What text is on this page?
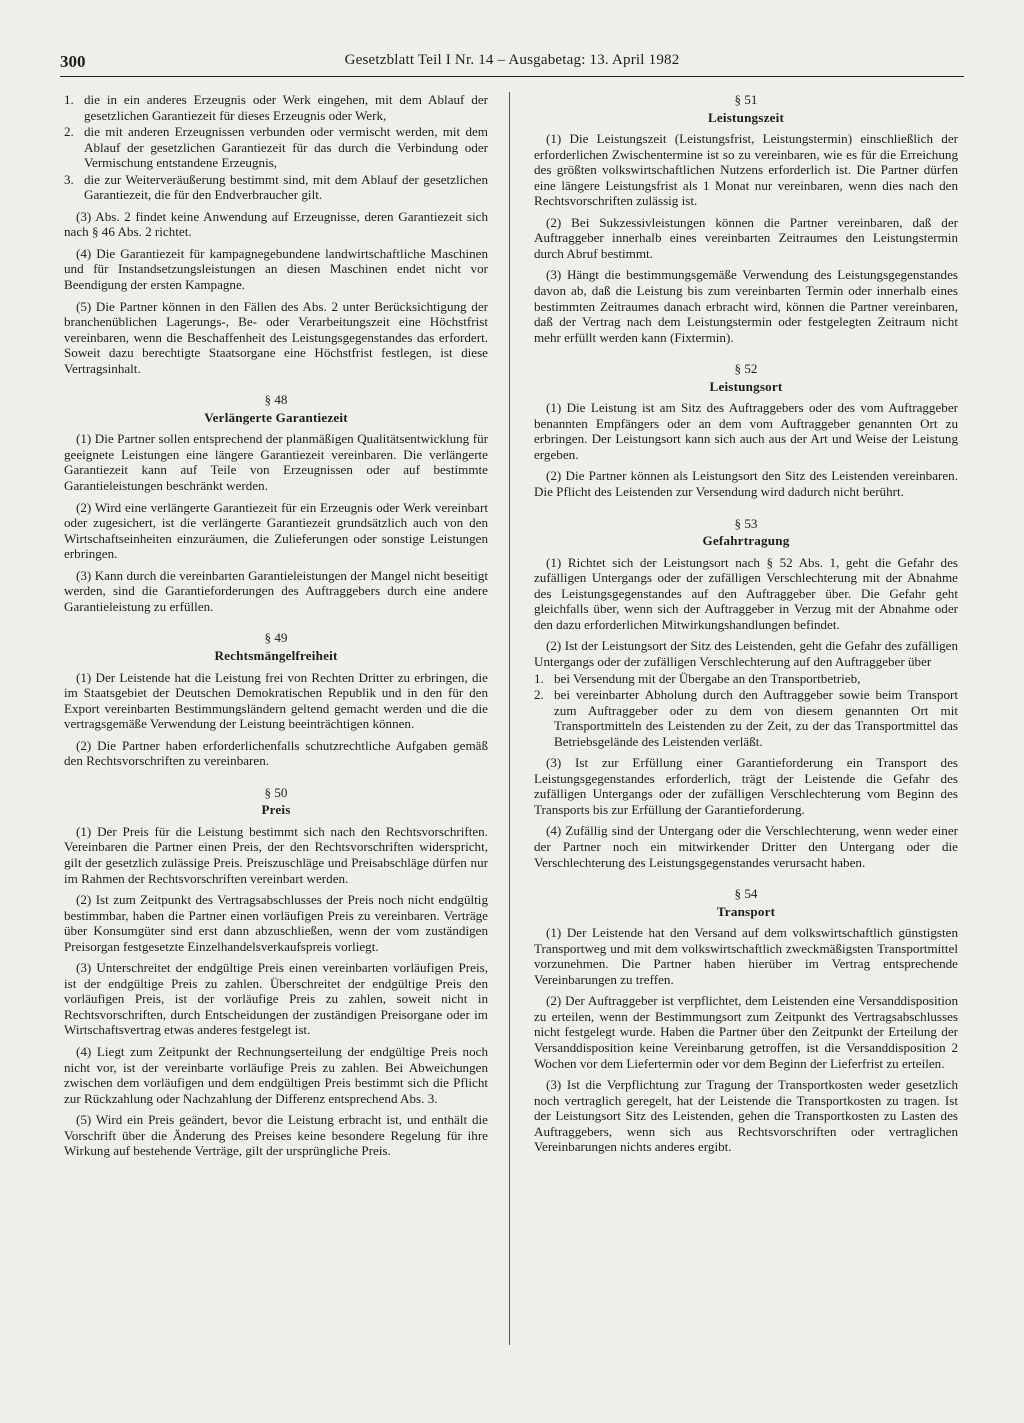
300	Gesetzblatt Teil I Nr. 14 – Ausgabetag: 13. April 1982
1. die in ein anderes Erzeugnis oder Werk eingehen, mit dem Ablauf der gesetzlichen Garantiezeit für dieses Erzeugnis oder Werk,
2. die mit anderen Erzeugnissen verbunden oder vermischt werden, mit dem Ablauf der gesetzlichen Garantiezeit für das durch die Verbindung oder Vermischung entstandene Erzeugnis,
3. die zur Weiterveräußerung bestimmt sind, mit dem Ablauf der gesetzlichen Garantiezeit, die für den Endverbraucher gilt.

(3) Abs. 2 findet keine Anwendung auf Erzeugnisse, deren Garantiezeit sich nach § 46 Abs. 2 richtet.

(4) Die Garantiezeit für kampagnegebundene landwirtschaftliche Maschinen und für Instandsetzungsleistungen an diesen Maschinen endet nicht vor Beendigung der ersten Kampagne.

(5) Die Partner können in den Fällen des Abs. 2 unter Berücksichtigung der branchenüblichen Lagerungs-, Be- oder Verarbeitungszeit eine Höchstfrist vereinbaren, wenn die Beschaffenheit des Leistungsgegenstandes das erfordert. Soweit dazu berechtigte Staatsorgane eine Höchstfrist festlegen, ist diese Vertragsinhalt.

§ 48
Verlängerte Garantiezeit

(1) Die Partner sollen entsprechend der planmäßigen Qualitätsentwicklung für geeignete Leistungen eine längere Garantiezeit vereinbaren. Die verlängerte Garantiezeit kann auf Teile von Erzeugnissen oder auf bestimmte Garantieleistungen beschränkt werden.

(2) Wird eine verlängerte Garantiezeit für ein Erzeugnis oder Werk vereinbart oder zugesichert, ist die verlängerte Garantiezeit grundsätzlich auch von den Wirtschaftseinheiten einzuräumen, die Zulieferungen oder sonstige Leistungen erbringen.

(3) Kann durch die vereinbarten Garantieleistungen der Mangel nicht beseitigt werden, sind die Garantieforderungen des Auftraggebers durch eine andere Garantieleistung zu erfüllen.

§ 49
Rechtsmängelfreiheit

(1) Der Leistende hat die Leistung frei von Rechten Dritter zu erbringen, die im Staatsgebiet der Deutschen Demokratischen Republik und in den für den Export vereinbarten Bestimmungsländern geltend gemacht werden und die die vertragsgemäße Verwendung der Leistung beeinträchtigen können.

(2) Die Partner haben erforderlichenfalls schutzrechtliche Aufgaben gemäß den Rechtsvorschriften zu vereinbaren.

§ 50
Preis

(1) Der Preis für die Leistung bestimmt sich nach den Rechtsvorschriften. Vereinbaren die Partner einen Preis, der den Rechtsvorschriften widerspricht, gilt der gesetzlich zulässige Preis. Preiszuschläge und Preisabschläge dürfen nur im Rahmen der Rechtsvorschriften vereinbart werden.

(2) Ist zum Zeitpunkt des Vertragsabschlusses der Preis noch nicht endgültig bestimmbar, haben die Partner einen vorläufigen Preis zu vereinbaren. Verträge über Konsumgüter sind erst dann abzuschließen, wenn der vom zuständigen Preisorgan festgesetzte Einzelhandelsverkaufspreis vorliegt.

(3) Unterschreitet der endgültige Preis einen vereinbarten vorläufigen Preis, ist der endgültige Preis zu zahlen. Überschreitet der endgültige Preis den vorläufigen Preis, ist der vorläufige Preis zu zahlen, soweit nicht in Rechtsvorschriften, durch Entscheidungen der zuständigen Preisorgane oder im Wirtschaftsvertrag etwas anderes festgelegt ist.

(4) Liegt zum Zeitpunkt der Rechnungserteilung der endgültige Preis noch nicht vor, ist der vereinbarte vorläufige Preis zu zahlen. Bei Abweichungen zwischen dem vorläufigen und dem endgültigen Preis bestimmt sich die Pflicht zur Rückzahlung oder Nachzahlung der Differenz entsprechend Abs. 3.

(5) Wird ein Preis geändert, bevor die Leistung erbracht ist, und enthält die Vorschrift über die Änderung des Preises keine besondere Regelung für ihre Wirkung auf bestehende Verträge, gilt der ursprüngliche Preis.

§ 51
Leistungszeit

(1) Die Leistungszeit (Leistungsfrist, Leistungstermin) einschließlich der erforderlichen Zwischentermine ist so zu vereinbaren, wie es für die Erreichung des größten volkswirtschaftlichen Nutzens erforderlich ist. Die Partner dürfen eine längere Leistungsfrist als 1 Monat nur vereinbaren, wenn dies nach den Rechtsvorschriften zulässig ist.

(2) Bei Sukzessivleistungen können die Partner vereinbaren, daß der Auftraggeber innerhalb eines vereinbarten Zeitraumes den Leistungstermin durch Abruf bestimmt.

(3) Hängt die bestimmungsgemäße Verwendung des Leistungsgegenstandes davon ab, daß die Leistung bis zum vereinbarten Termin oder innerhalb eines bestimmten Zeitraumes danach erbracht wird, können die Partner vereinbaren, daß der Vertrag nach dem Leistungstermin oder festgelegten Zeitraum nicht mehr erfüllt werden kann (Fixtermin).

§ 52
Leistungsort

(1) Die Leistung ist am Sitz des Auftraggebers oder des vom Auftraggeber benannten Empfängers oder an dem vom Auftraggeber genannten Ort zu erbringen. Der Leistungsort kann sich auch aus der Art und Weise der Leistung ergeben.

(2) Die Partner können als Leistungsort den Sitz des Leistenden vereinbaren. Die Pflicht des Leistenden zur Versendung wird dadurch nicht berührt.

§ 53
Gefahrtragung

(1) Richtet sich der Leistungsort nach § 52 Abs. 1, geht die Gefahr des zufälligen Untergangs oder der zufälligen Verschlechterung mit der Abnahme des Leistungsgegenstandes auf den Auftraggeber über. Die Gefahr geht gleichfalls über, wenn sich der Auftraggeber in Verzug mit der Abnahme oder den dazu erforderlichen Mitwirkungshandlungen befindet.

(2) Ist der Leistungsort der Sitz des Leistenden, geht die Gefahr des zufälligen Untergangs oder der zufälligen Verschlechterung auf den Auftraggeber über

1. bei Versendung mit der Übergabe an den Transportbetrieb,
2. bei vereinbarter Abholung durch den Auftraggeber sowie beim Transport zum Auftraggeber oder zu dem von diesem genannten Ort mit Transportmitteln des Leistenden zu der Zeit, zu der das Transportmittel das Betriebsgelände des Leistenden verläßt.

(3) Ist zur Erfüllung einer Garantieforderung ein Transport des Leistungsgegenstandes erforderlich, trägt der Leistende die Gefahr des zufälligen Untergangs oder der zufälligen Verschlechterung vom Beginn des Transports bis zur Erfüllung der Garantieforderung.

(4) Zufällig sind der Untergang oder die Verschlechterung, wenn weder einer der Partner noch ein mitwirkender Dritter den Untergang oder die Verschlechterung des Leistungsgegenstandes verursacht haben.

§ 54
Transport

(1) Der Leistende hat den Versand auf dem volkswirtschaftlich günstigsten Transportweg und mit dem volkswirtschaftlich zweckmäßigsten Transportmittel vorzunehmen. Die Partner haben hierüber im Vertrag entsprechende Vereinbarungen zu treffen.

(2) Der Auftraggeber ist verpflichtet, dem Leistenden eine Versanddisposition zu erteilen, wenn der Bestimmungsort zum Zeitpunkt des Vertragsabschlusses nicht festgelegt wurde. Haben die Partner über den Zeitpunkt der Erteilung der Versanddisposition keine Vereinbarung getroffen, ist die Versanddisposition 2 Wochen vor dem Liefertermin oder vor dem Beginn der Lieferfrist zu erteilen.

(3) Ist die Verpflichtung zur Tragung der Transportkosten weder gesetzlich noch vertraglich geregelt, hat der Leistende die Transportkosten zu tragen. Ist der Leistungsort Sitz des Leistenden, gehen die Transportkosten zu Lasten des Auftraggebers, wenn sich aus Rechtsvorschriften oder vertraglichen Vereinbarungen nichts anderes ergibt.
